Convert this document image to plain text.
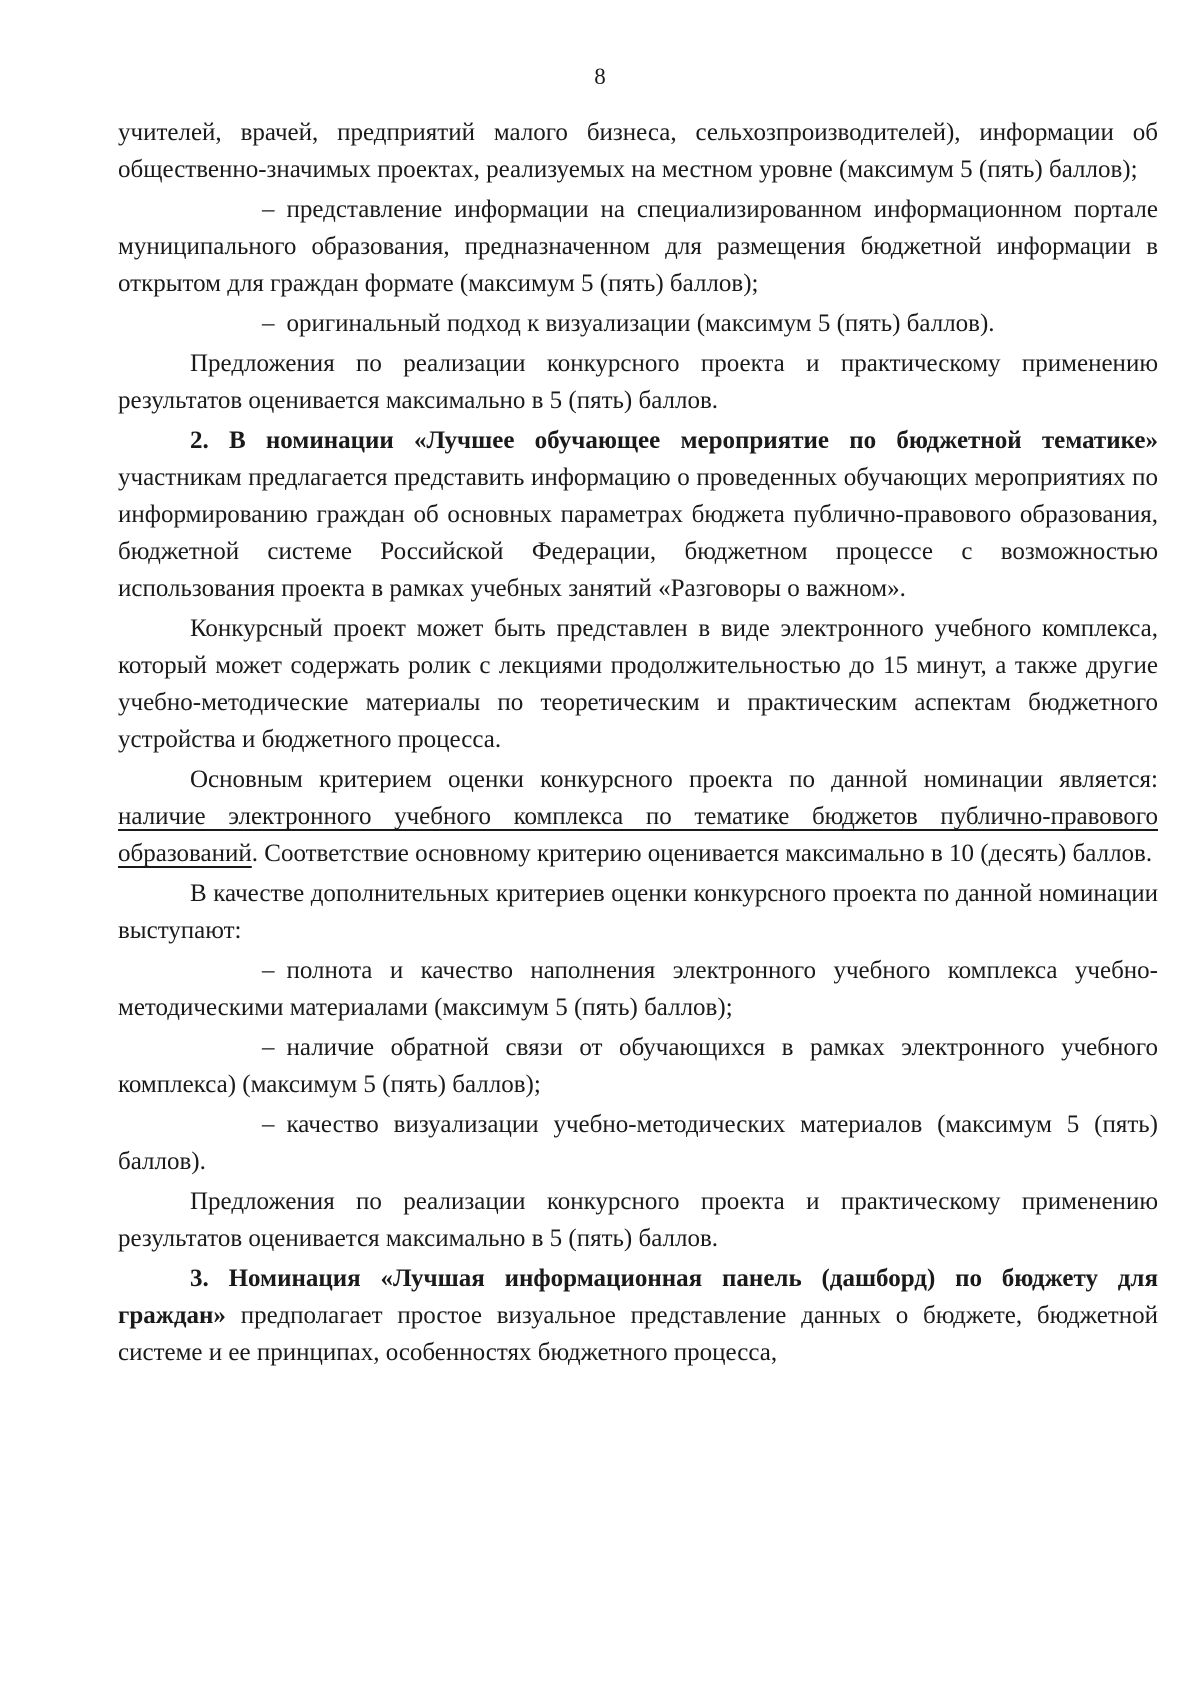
8

учителей, врачей, предприятий малого бизнеса, сельхозпроизводителей), информации об общественно-значимых проектах, реализуемых на местном уровне (максимум 5 (пять) баллов);

– представление информации на специализированном информационном портале муниципального образования, предназначенном для размещения бюджетной информации в открытом для граждан формате (максимум 5 (пять) баллов);

– оригинальный подход к визуализации (максимум 5 (пять) баллов).

Предложения по реализации конкурсного проекта и практическому применению результатов оценивается максимально в 5 (пять) баллов.

2. В номинации «Лучшее обучающее мероприятие по бюджетной тематике» участникам предлагается представить информацию о проведенных обучающих мероприятиях по информированию граждан об основных параметрах бюджета публично-правового образования, бюджетной системе Российской Федерации, бюджетном процессе с возможностью использования проекта в рамках учебных занятий «Разговоры о важном».

Конкурсный проект может быть представлен в виде электронного учебного комплекса, который может содержать ролик с лекциями продолжительностью до 15 минут, а также другие учебно-методические материалы по теоретическим и практическим аспектам бюджетного устройства и бюджетного процесса.

Основным критерием оценки конкурсного проекта по данной номинации является: наличие электронного учебного комплекса по тематике бюджетов публично-правового образований. Соответствие основному критерию оценивается максимально в 10 (десять) баллов.

В качестве дополнительных критериев оценки конкурсного проекта по данной номинации выступают:

– полнота и качество наполнения электронного учебного комплекса учебно-методическими материалами (максимум 5 (пять) баллов);

– наличие обратной связи от обучающихся в рамках электронного учебного комплекса) (максимум 5 (пять) баллов);

– качество визуализации учебно-методических материалов (максимум 5 (пять) баллов).

Предложения по реализации конкурсного проекта и практическому применению результатов оценивается максимально в 5 (пять) баллов.

3. Номинация «Лучшая информационная панель (дашборд) по бюджету для граждан» предполагает простое визуальное представление данных о бюджете, бюджетной системе и ее принципах, особенностях бюджетного процесса,
